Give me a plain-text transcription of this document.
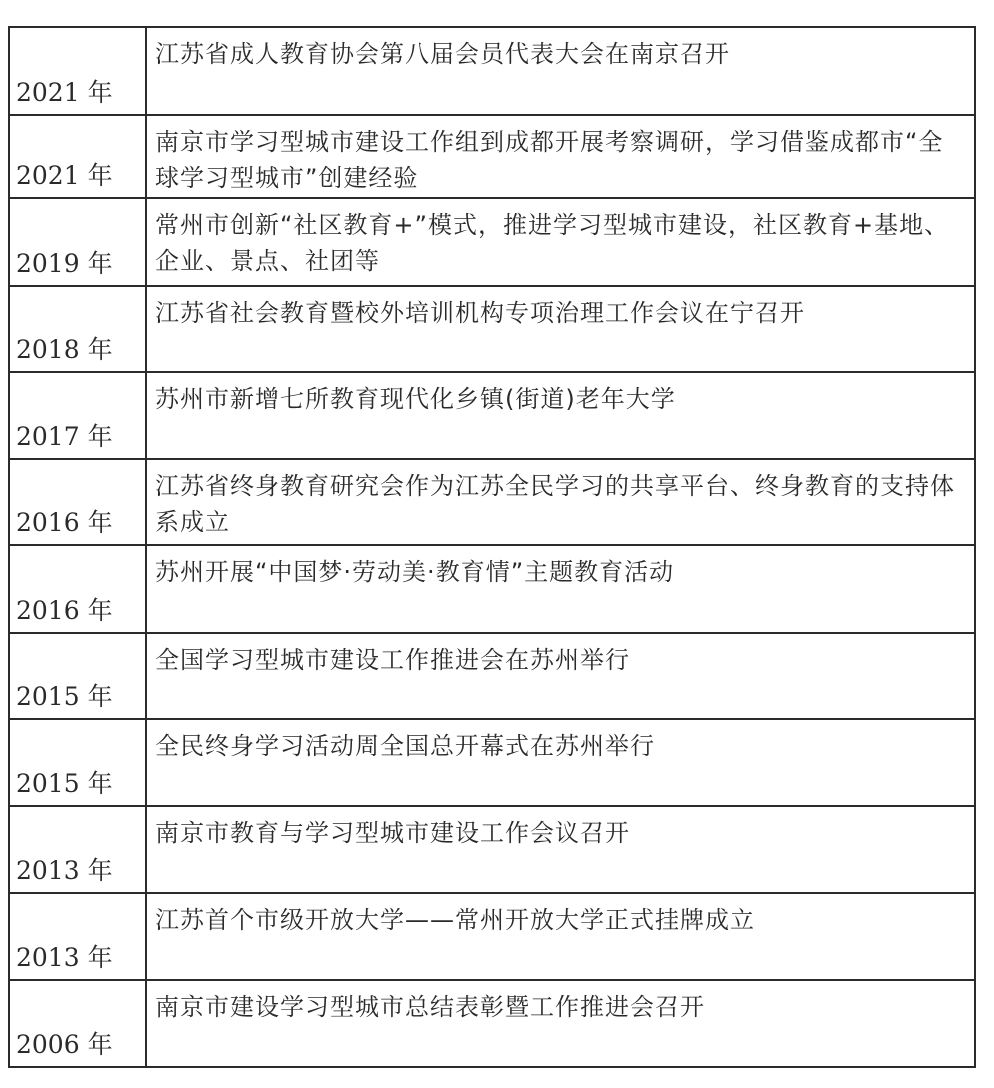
2021 年	江苏省成人教育协会第八届会员代表大会在南京召开
2021 年	南京市学习型城市建设工作组到成都开展考察调研，学习借鉴成都市“全球学习型城市”创建经验
2019 年	常州市创新“社区教育+”模式，推进学习型城市建设，社区教育+基地、企业、景点、社团等
2018 年	江苏省社会教育暨校外培训机构专项治理工作会议在宁召开
2017 年	苏州市新增七所教育现代化乡镇(街道)老年大学
2016 年	江苏省终身教育研究会作为江苏全民学习的共享平台、终身教育的支持体系成立
2016 年	苏州开展“中国梦·劳动美·教育情”主题教育活动
2015 年	全国学习型城市建设工作推进会在苏州举行
2015 年	全民终身学习活动周全国总开幕式在苏州举行
2013 年	南京市教育与学习型城市建设工作会议召开
2013 年	江苏首个市级开放大学——常州开放大学正式挂牌成立
2006 年	南京市建设学习型城市总结表彰暨工作推进会召开
